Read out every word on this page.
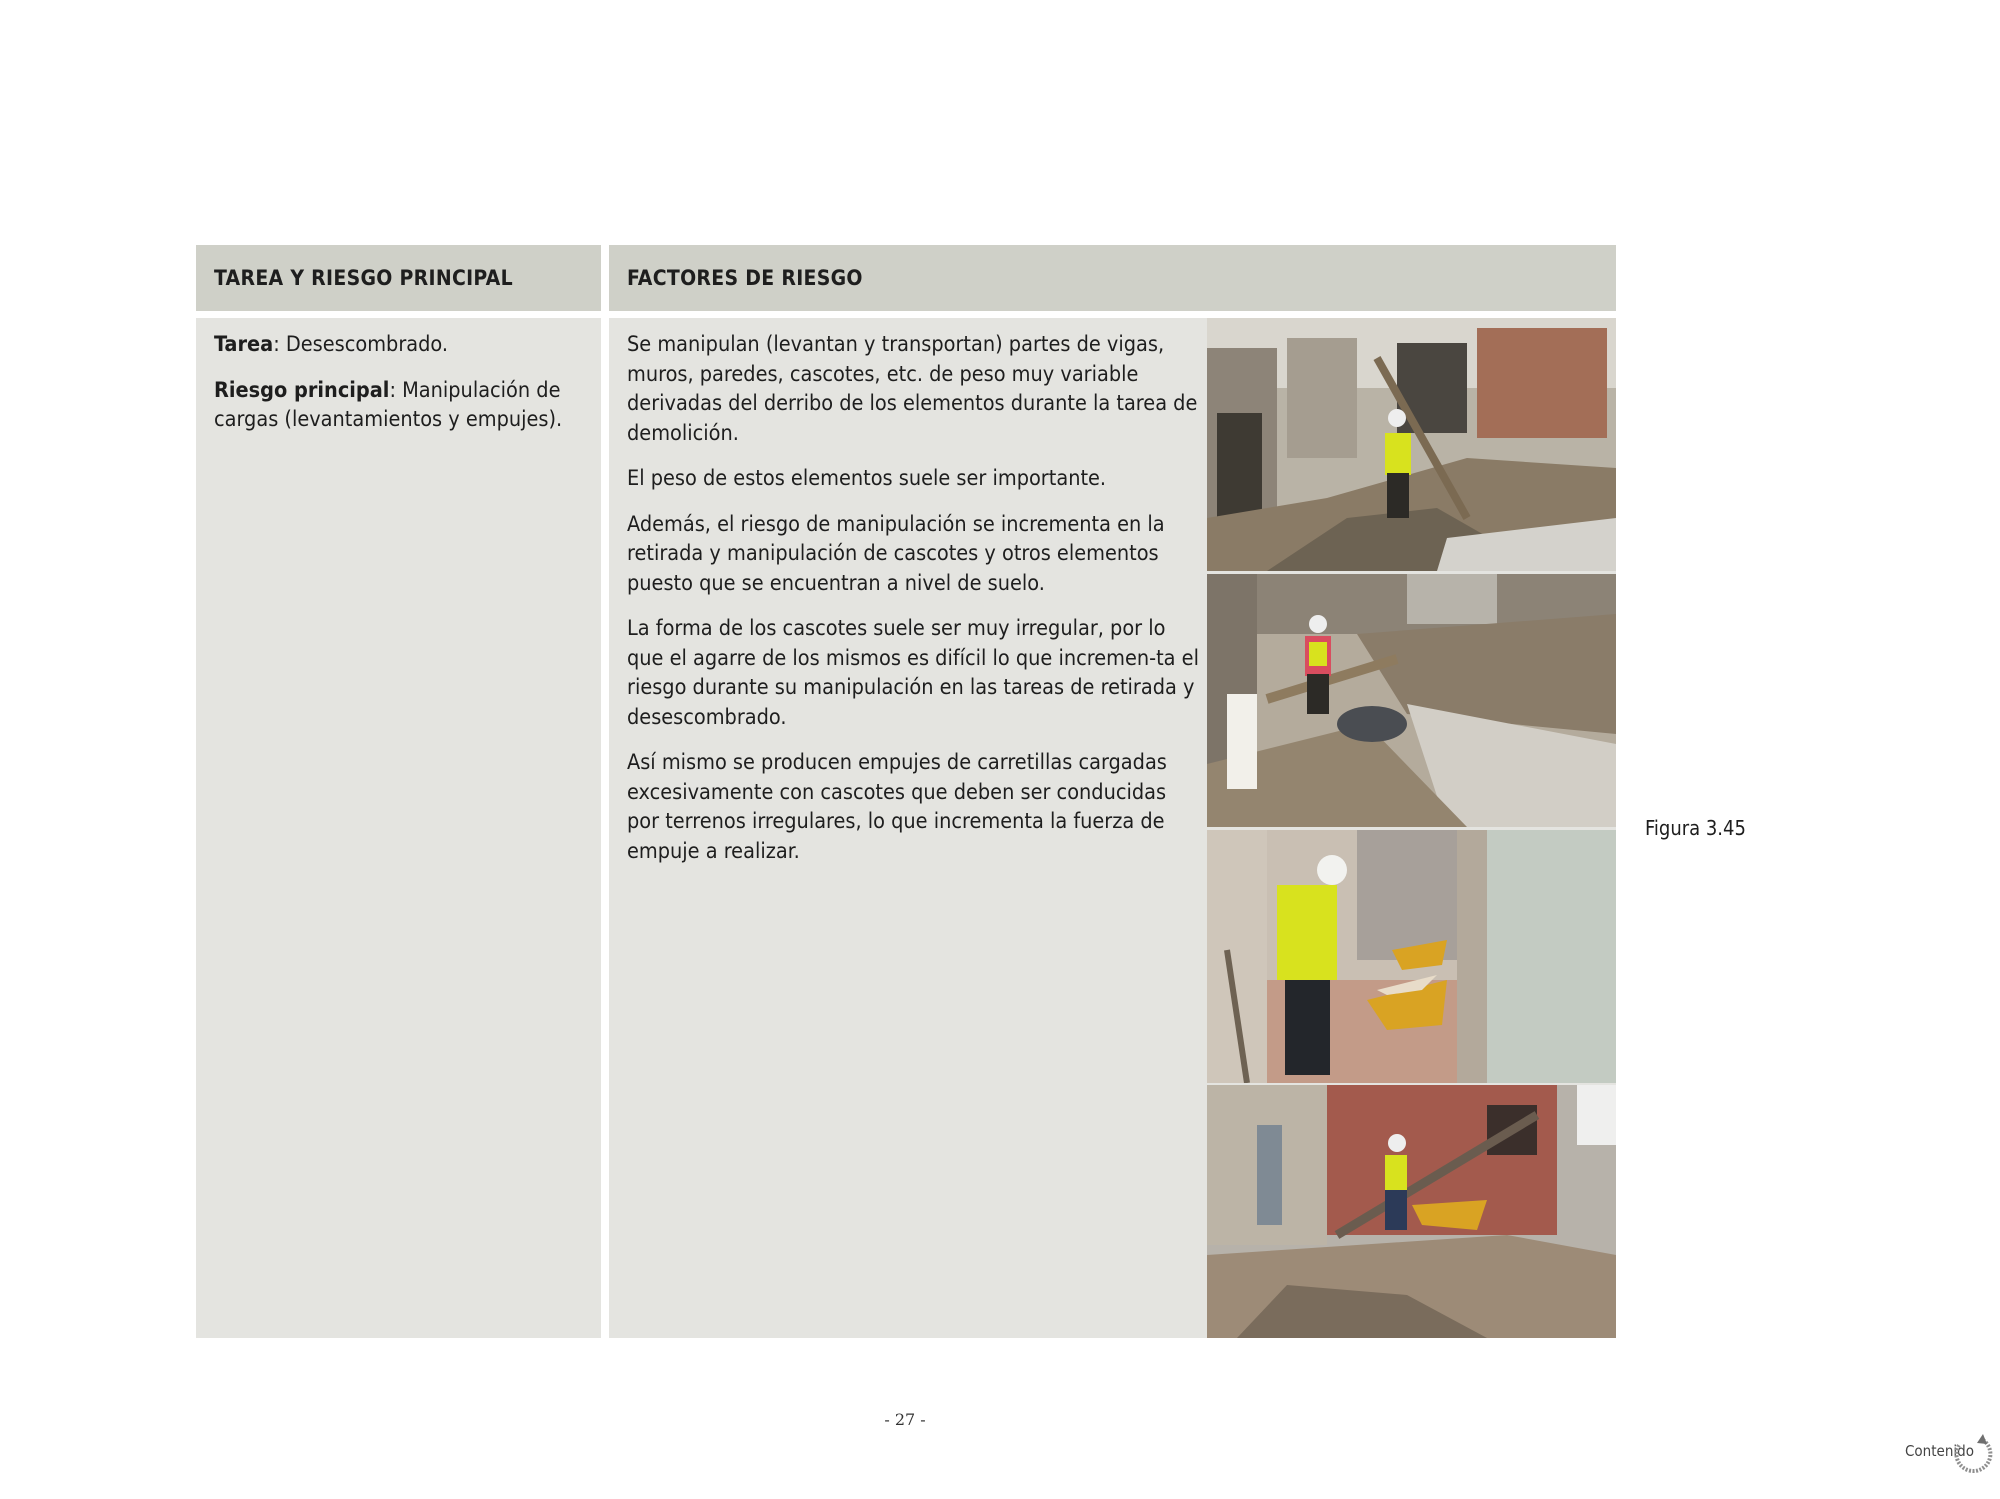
TAREA Y RIESGO PRINCIPAL	FACTORES DE RIESGO

Tarea: Desescombrado.

Riesgo principal: Manipulación de cargas (levantamientos y empujes).

Se manipulan (levantan y transportan) partes de vigas, muros, paredes, cascotes, etc. de peso muy variable derivadas del derribo de los elementos durante la tarea de demolición.

El peso de estos elementos suele ser importante.

Además, el riesgo de manipulación se incrementa en la retirada y manipulación de cascotes y otros elementos puesto que se encuentran a nivel de suelo.

La forma de los cascotes suele ser muy irregular, por lo que el agarre de los mismos es difícil lo que incremen-ta el riesgo durante su manipulación en las tareas de retirada y desescombrado.

Así mismo se producen empujes de carretillas cargadas excesivamente con cascotes que deben ser conducidas por terrenos irregulares, lo que incrementa la fuerza de empuje a realizar.

Figura 3.45
- 27 -
Contenido
